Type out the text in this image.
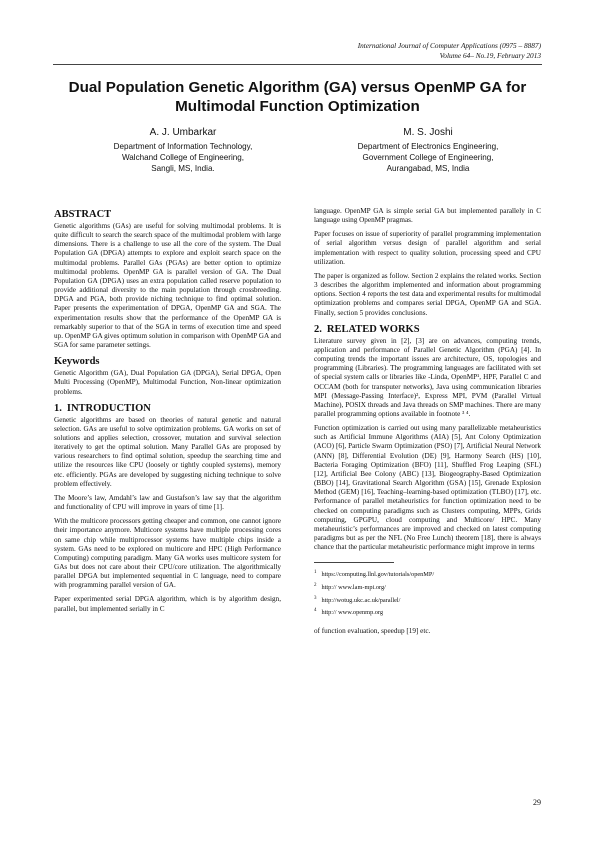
International Journal of Computer Applications (0975 – 8887)
Volume 64– No.19, February 2013
Dual Population Genetic Algorithm (GA) versus OpenMP GA for Multimodal Function Optimization
A. J. Umbarkar
Department of Information Technology,
Walchand College of Engineering,
Sangli, MS, India.
M. S. Joshi
Department of Electronics Engineering,
Government College of Engineering,
Aurangabad, MS, India
ABSTRACT

Genetic algorithms (GAs) are useful for solving multimodal problems. It is quite difficult to search the search space of the multimodal problem with large dimensions. There is a challenge to use all the core of the system. The Dual Population GA (DPGA) attempts to explore and exploit search space on the multimodal problems. Parallel GAs (PGAs) are better option to optimize multimodal problems. OpenMP GA is parallel version of GA. The Dual Population GA (DPGA) uses an extra population called reserve population to provide additional diversity to the main population through crossbreeding. DPGA and PGA, both provide niching technique to find optimal solution. Paper presents the experimentation of DPGA, OpenMP GA and SGA. The experimentation results show that the performance of the OpenMP GA is remarkably superior to that of the SGA in terms of execution time and speed up. OpenMP GA gives optimum solution in comparison with OpenMP GA and SGA for same parameter settings.

Keywords

Genetic Algorithm (GA), Dual Population GA (DPGA), Serial DPGA, Open Multi Processing (OpenMP), Multimodal Function, Non-linear optimization problems.

1. INTRODUCTION

Genetic algorithms are based on theories of natural genetic and natural selection. GAs are useful to solve optimization problems. GA works on set of solutions and applies selection, crossover, mutation and survival selection iteratively to get the optimal solution. Many Parallel GAs are proposed by various researchers to find optimal solution, speedup the searching time and utilize the resources like CPU (loosely or tightly coupled systems), memory etc. efficiently. PGAs are developed by suggesting niching technique to solve problem effectively.

The Moore’s law, Amdahl’s law and Gustafson’s law say that the algorithm and functionality of CPU will improve in years of time [1].

With the multicore processors getting cheaper and common, one cannot ignore their importance anymore. Multicore systems have multiple processing cores on same chip while multiprocessor systems have multiple chips inside a system. GAs need to be explored on multicore and HPC (High Performance Computing) computing paradigm. Many GA works uses multicore system for GAs but does not care about their CPU/core utilization. The algorithmically parallel DPGA but implemented sequential in C language, need to compare with programming parallel version of GA.

Paper experimented serial DPGA algorithm, which is by algorithm design, parallel, but implemented serially in C

language. OpenMP GA is simple serial GA but implemented parallely in C language using OpenMP pragmas.

Paper focuses on issue of superiority of parallel programming implementation of serial algorithm versus design of parallel algorithm and serial implementation with respect to quality solution, processing speed and CPU utilization.

The paper is organized as follow. Section 2 explains the related works. Section 3 describes the algorithm implemented and information about programming options. Section 4 reports the test data and experimental results for multimodal optimization problems and compares serial DPGA, OpenMP GA and SGA. Finally, section 5 provides conclusions.

2. RELATED WORKS

Literature survey given in [2], [3] are on advances, computing trends, application and performance of Parallel Genetic Algorithm (PGA) [4]. In computing trends the important issues are architecture, OS, topologies and programming (Libraries). The programming languages are facilitated with set of special system calls or libraries like -Linda, OpenMP¹, HPF, Parallel C and OCCAM (both for transputer networks), Java using communication libraries MPI (Message-Passing Interface)², Express MPI, PVM (Parallel Virtual Machine), POSIX threads and Java threads on SMP machines. There are many parallel programming options available in footnote ³ ⁴.

Function optimization is carried out using many parallelizable metaheuristics such as Artificial Immune Algorithms (AIA) [5], Ant Colony Optimization (ACO) [6], Particle Swarm Optimization (PSO) [7], Artificial Neural Network (ANN) [8], Differential Evolution (DE) [9], Harmony Search (HS) [10], Bacteria Foraging Optimization (BFO) [11], Shuffled Frog Leaping (SFL) [12], Artificial Bee Colony (ABC) [13], Biogeography-Based Optimization (BBO) [14], Gravitational Search Algorithm (GSA) [15], Grenade Explosion Method (GEM) [16], Teaching–learning-based optimization (TLBO) [17], etc. Performance of parallel metaheuristics for function optimization need to be checked on computing paradigms such as Clusters computing, MPPs, Grids computing, GPGPU, cloud computing and Multicore/ HPC. Many metaheuristic’s performances are improved and checked on latest computing paradigms but as per the NFL (No Free Lunch) theorem [18], there is always chance that the particular metaheuristic performance might improve in terms

$^1$ https://computing.llnl.gov/tutorials/openMP/
$^2$ http:// www.lam-mpi.org/
$^3$ http://wotug.ukc.ac.uk/parallel/
$^4$ http:// www.openmp.org

of function evaluation, speedup [19] etc.

29
